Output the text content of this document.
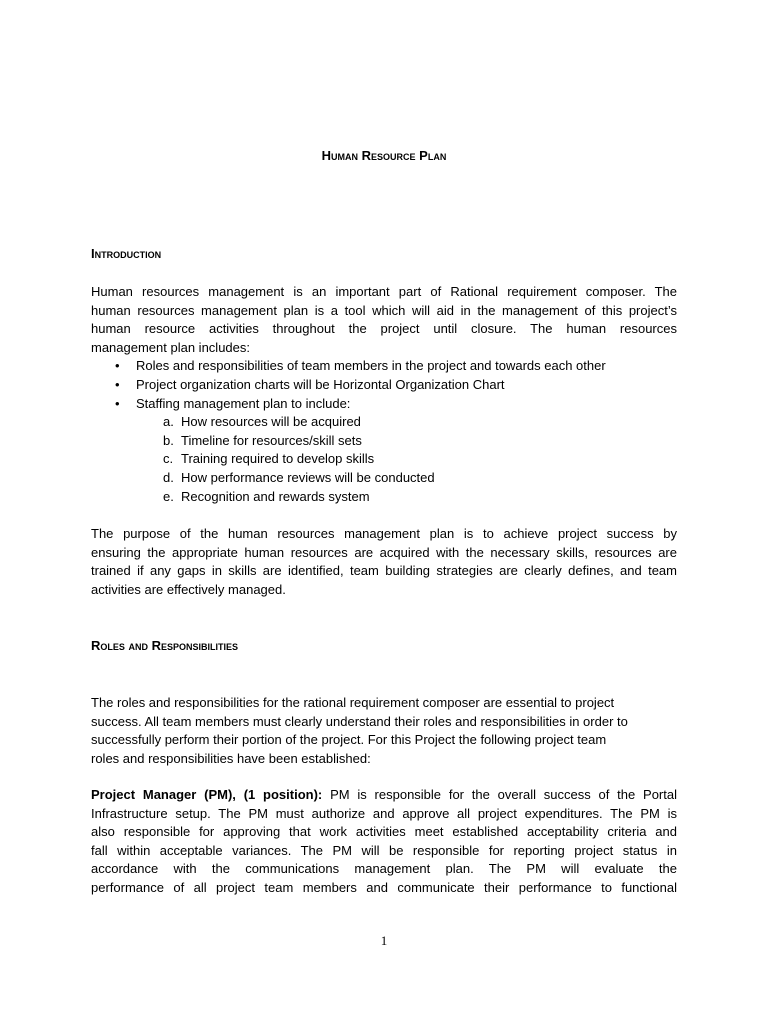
Human Resource Plan
Introduction
Human resources management is an important part of Rational requirement composer. The
human resources management plan is a tool which will aid in the management of this project’s
human resource activities throughout the project until closure. The human resources
management plan includes:
• Roles and responsibilities of team members in the project and towards each other
• Project organization charts will be Horizontal Organization Chart
• Staffing management plan to include:
a. How resources will be acquired
b. Timeline for resources/skill sets
c. Training required to develop skills
d. How performance reviews will be conducted
e. Recognition and rewards system
The purpose of the human resources management plan is to achieve project success by
ensuring the appropriate human resources are acquired with the necessary skills, resources are
trained if any gaps in skills are identified, team building strategies are clearly defines, and team
activities are effectively managed.
Roles and Responsibilities
The roles and responsibilities for the rational requirement composer are essential to project
success. All team members must clearly understand their roles and responsibilities in order to
successfully perform their portion of the project. For this Project the following project team
roles and responsibilities have been established:
Project Manager (PM), (1 position): PM is responsible for the overall success of the Portal
Infrastructure setup. The PM must authorize and approve all project expenditures. The PM is
also responsible for approving that work activities meet established acceptability criteria and
fall within acceptable variances. The PM will be responsible for reporting project status in
accordance with the communications management plan. The PM will evaluate the
performance of all project team members and communicate their performance to functional
1
